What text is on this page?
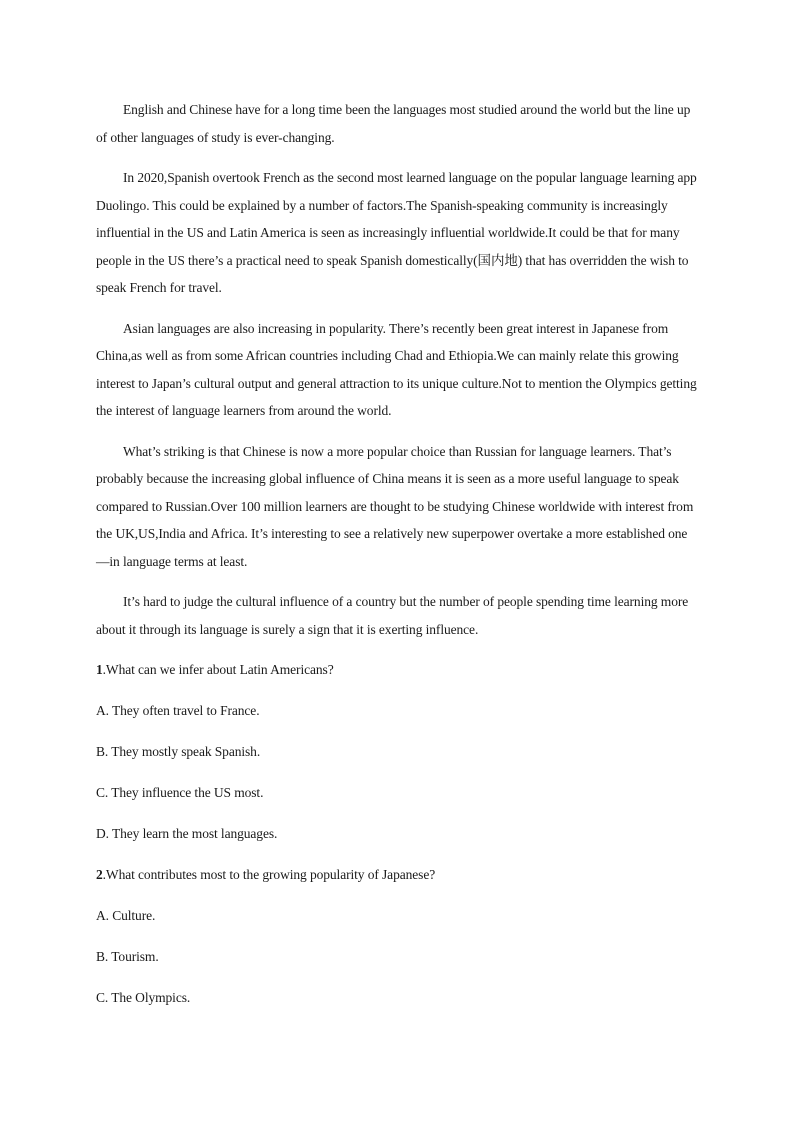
English and Chinese have for a long time been the languages most studied around the world but the line up of other languages of study is ever-changing.

In 2020,Spanish overtook French as the second most learned language on the popular language learning app Duolingo. This could be explained by a number of factors.The Spanish-speaking community is increasingly influential in the US and Latin America is seen as increasingly influential worldwide.It could be that for many people in the US there’s a practical need to speak Spanish domestically(国内地) that has overridden the wish to speak French for travel.

Asian languages are also increasing in popularity. There’s recently been great interest in Japanese from China,as well as from some African countries including Chad and Ethiopia.We can mainly relate this growing interest to Japan’s cultural output and general attraction to its unique culture.Not to mention the Olympics getting the interest of language learners from around the world.

What’s striking is that Chinese is now a more popular choice than Russian for language learners. That’s probably because the increasing global influence of China means it is seen as a more useful language to speak compared to Russian.Over 100 million learners are thought to be studying Chinese worldwide with interest from the UK,US,India and Africa. It’s interesting to see a relatively new superpower overtake a more established one—in language terms at least.

It’s hard to judge the cultural influence of a country but the number of people spending time learning more about it through its language is surely a sign that it is exerting influence.

1.What can we infer about Latin Americans?

A. They often travel to France.

B. They mostly speak Spanish.

C. They influence the US most.

D. They learn the most languages.

2.What contributes most to the growing popularity of Japanese?

A. Culture.

B. Tourism.

C. The Olympics.
